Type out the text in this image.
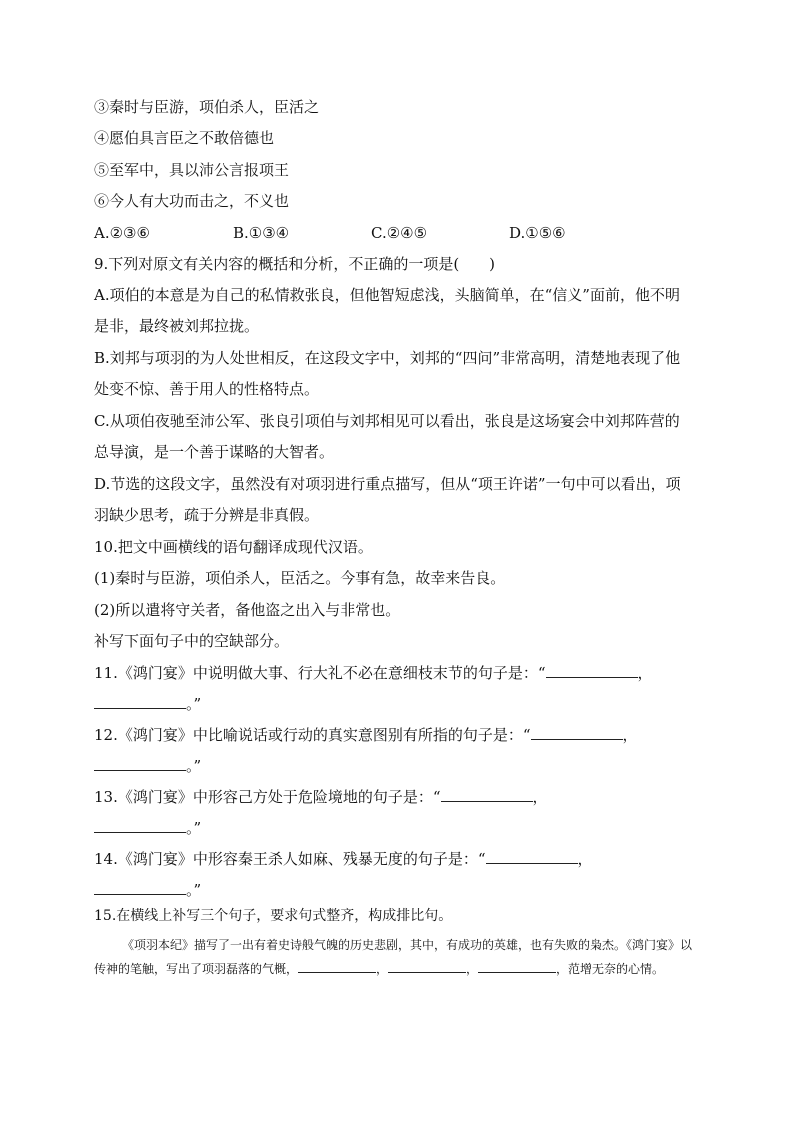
③秦时与臣游，项伯杀人，臣活之
④愿伯具言臣之不敢倍德也
⑤至军中，具以沛公言报项王
⑥今人有大功而击之，不义也
A.②③⑥	B.①③④	C.②④⑤	D.①⑤⑥
9.下列对原文有关内容的概括和分析，不正确的一项是(　　)
A.项伯的本意是为自己的私情救张良，但他智短虑浅，头脑简单，在“信义”面前，他不明是非，最终被刘邦拉拢。
B.刘邦与项羽的为人处世相反，在这段文字中，刘邦的“四问”非常高明，清楚地表现了他处变不惊、善于用人的性格特点。
C.从项伯夜驰至沛公军、张良引项伯与刘邦相见可以看出，张良是这场宴会中刘邦阵营的总导演，是一个善于谋略的大智者。
D.节选的这段文字，虽然没有对项羽进行重点描写，但从“项王许诺”一句中可以看出，项羽缺少思考，疏于分辨是非真假。
10.把文中画横线的语句翻译成现代汉语。
(1)秦时与臣游，项伯杀人，臣活之。今事有急，故幸来告良。
(2)所以遣将守关者，备他盗之出入与非常也。
补写下面句子中的空缺部分。
11.《鸿门宴》中说明做大事、行大礼不必在意细枝末节的句子是：“	，
。”
12.《鸿门宴》中比喻说话或行动的真实意图别有所指的句子是：“	，
。”
13.《鸿门宴》中形容己方处于危险境地的句子是：“	，
。”
14.《鸿门宴》中形容秦王杀人如麻、残暴无度的句子是：“	，
。”
15.在横线上补写三个句子，要求句式整齐，构成排比句。
《项羽本纪》描写了一出有着史诗般气魄的历史悲剧，其中，有成功的英雄，也有失败的枭杰。《鸿门宴》以传神的笔触，写出了项羽磊落的气概，	，	，	，范增无奈的心情。
